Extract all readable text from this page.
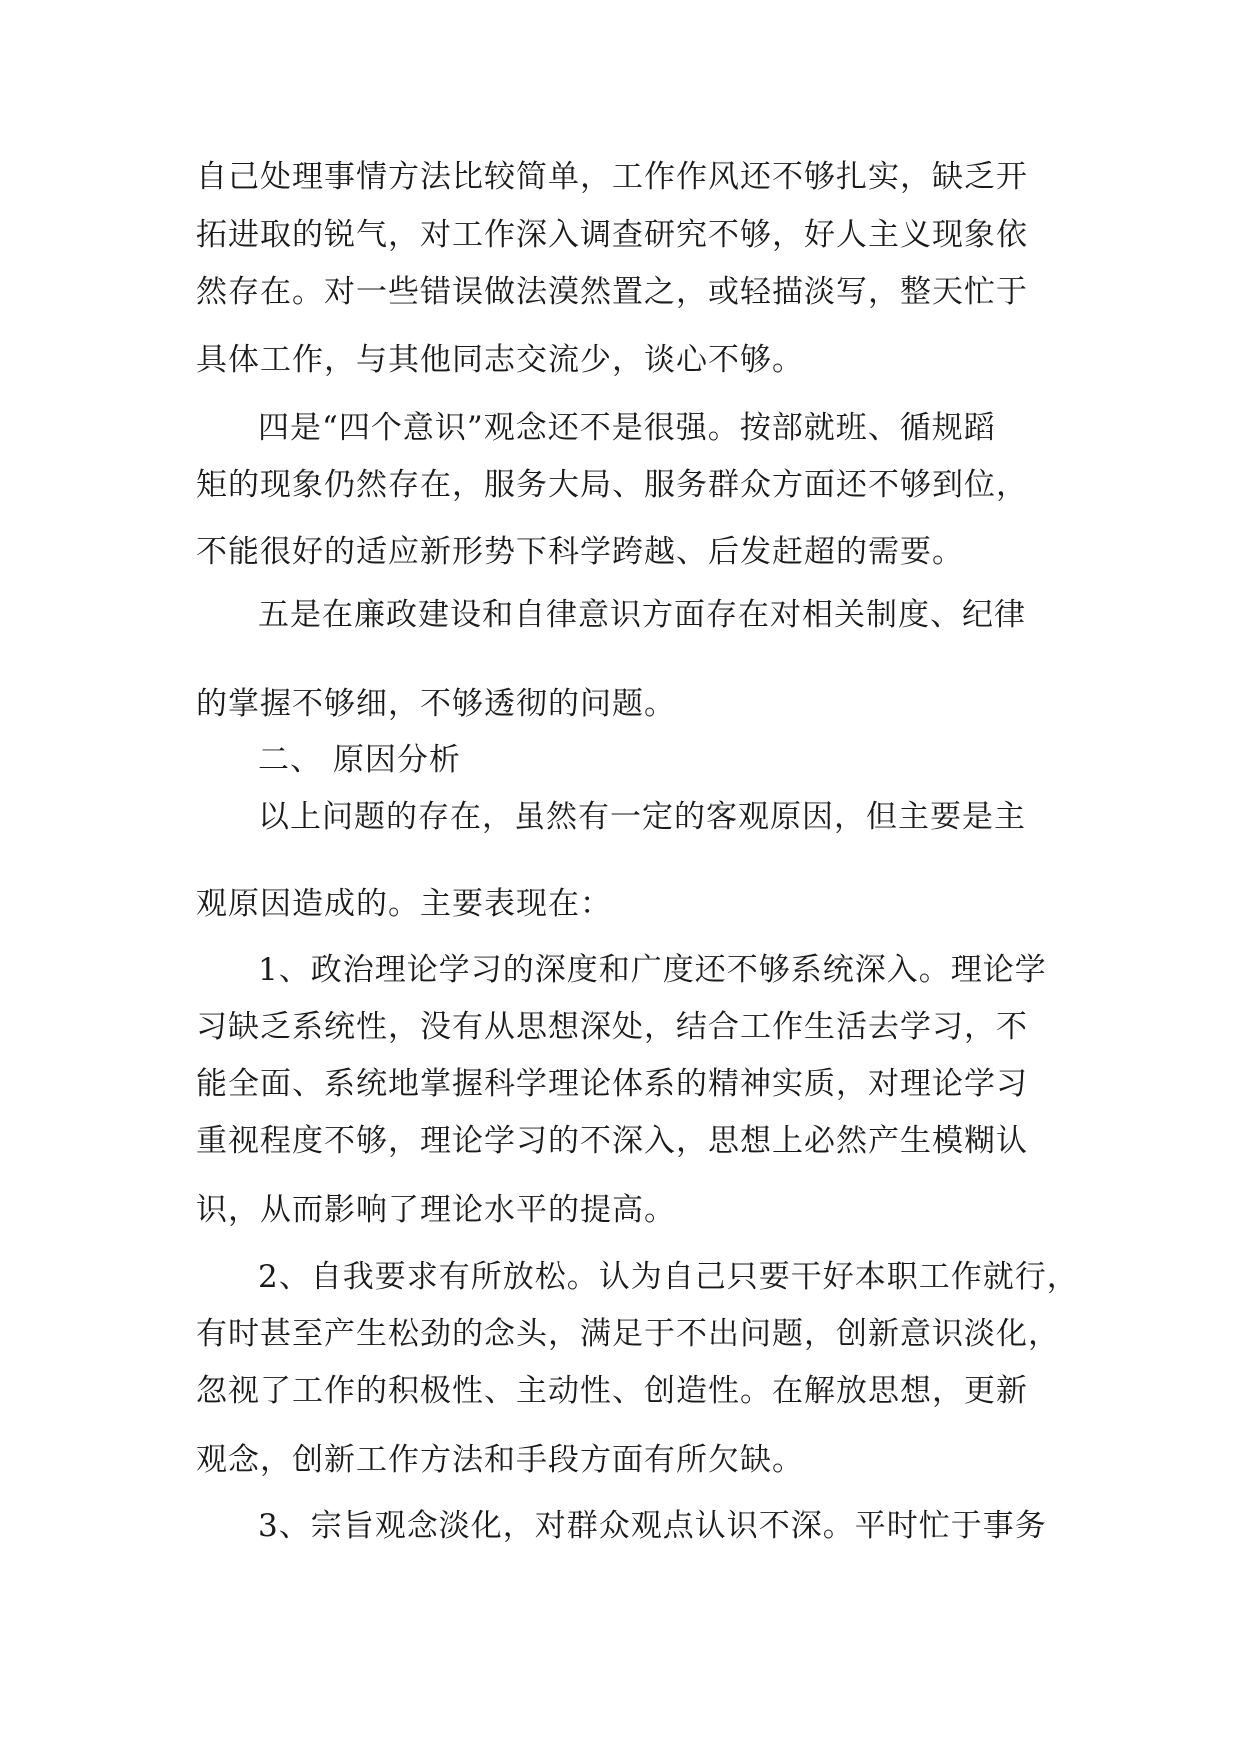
自己处理事情方法比较简单，工作作风还不够扎实，缺乏开
拓进取的锐气，对工作深入调查研究不够，好人主义现象依
然存在。对一些错误做法漠然置之，或轻描淡写，整天忙于
具体工作，与其他同志交流少，谈心不够。
四是“四个意识”观念还不是很强。按部就班、循规蹈
矩的现象仍然存在，服务大局、服务群众方面还不够到位，
不能很好的适应新形势下科学跨越、后发赶超的需要。
五是在廉政建设和自律意识方面存在对相关制度、纪律
的掌握不够细，不够透彻的问题。
二、 原因分析
以上问题的存在，虽然有一定的客观原因，但主要是主
观原因造成的。主要表现在：
1、政治理论学习的深度和广度还不够系统深入。理论学
习缺乏系统性，没有从思想深处，结合工作生活去学习，不
能全面、系统地掌握科学理论体系的精神实质，对理论学习
重视程度不够，理论学习的不深入，思想上必然产生模糊认
识，从而影响了理论水平的提高。
2、自我要求有所放松。认为自己只要干好本职工作就行，
有时甚至产生松劲的念头，满足于不出问题，创新意识淡化，
忽视了工作的积极性、主动性、创造性。在解放思想，更新
观念，创新工作方法和手段方面有所欠缺。
3、宗旨观念淡化，对群众观点认识不深。平时忙于事务
